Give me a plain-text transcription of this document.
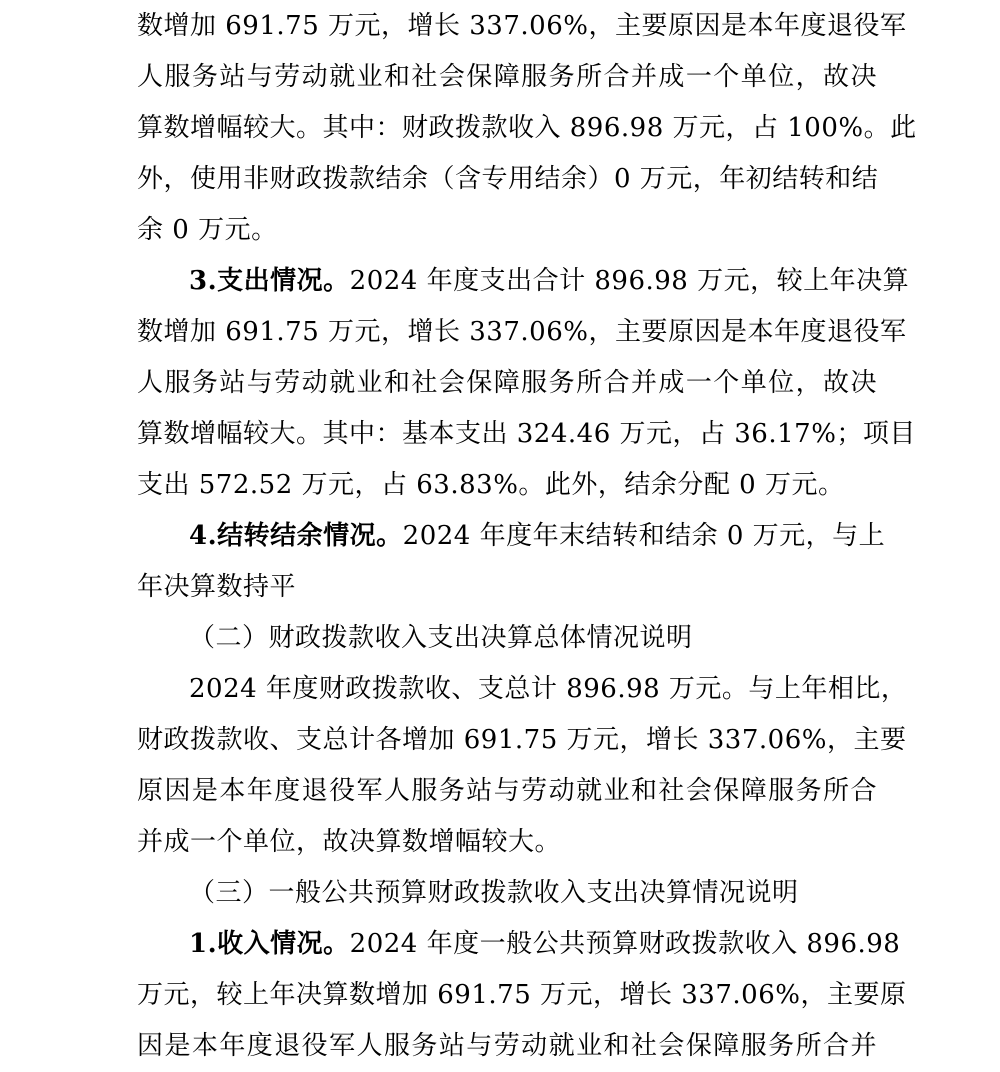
数增加 691.75 万元，增长 337.06%，主要原因是本年度退役军
人服务站与劳动就业和社会保障服务所合并成一个单位，故决
算数增幅较大。其中：财政拨款收入 896.98 万元，占 100%。此
外，使用非财政拨款结余（含专用结余）0 万元，年初结转和结
余 0 万元。
3.支出情况。2024 年度支出合计 896.98 万元，较上年决算
数增加 691.75 万元，增长 337.06%，主要原因是本年度退役军
人服务站与劳动就业和社会保障服务所合并成一个单位，故决
算数增幅较大。其中：基本支出 324.46 万元，占 36.17%；项目
支出 572.52 万元，占 63.83%。此外，结余分配 0 万元。
4.结转结余情况。2024 年度年末结转和结余 0 万元，与上
年决算数持平
（二）财政拨款收入支出决算总体情况说明
2024 年度财政拨款收、支总计 896.98 万元。与上年相比，
财政拨款收、支总计各增加 691.75 万元，增长 337.06%，主要
原因是本年度退役军人服务站与劳动就业和社会保障服务所合
并成一个单位，故决算数增幅较大。
（三）一般公共预算财政拨款收入支出决算情况说明
1.收入情况。2024 年度一般公共预算财政拨款收入 896.98
万元，较上年决算数增加 691.75 万元，增长 337.06%，主要原
因是本年度退役军人服务站与劳动就业和社会保障服务所合并
